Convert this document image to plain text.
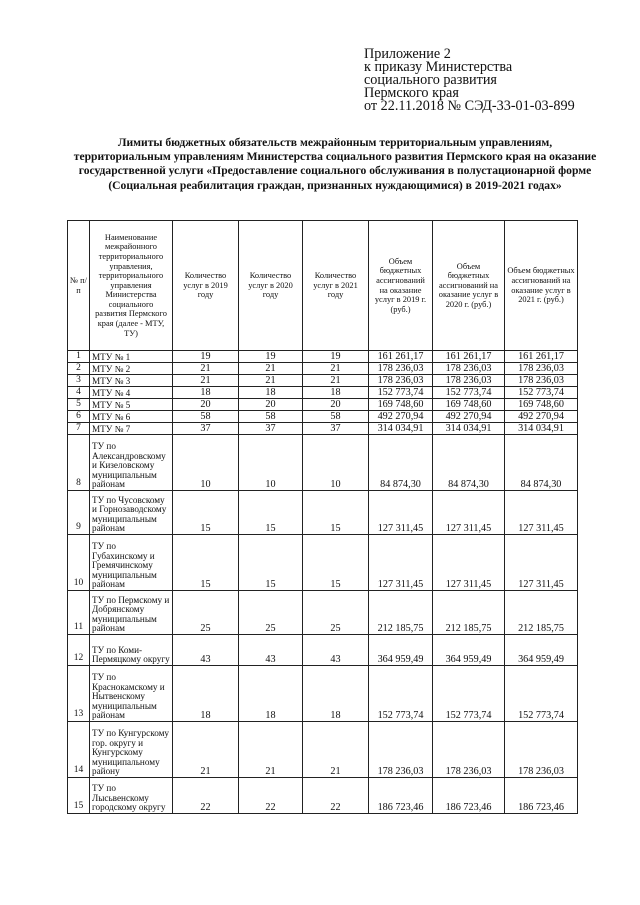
Приложение 2
к приказу Министерства
социального развития
Пермского края
от 22.11.2018 № СЭД-33-01-03-899
Лимиты бюджетных обязательств межрайонным территориальным управлениям, территориальным управлениям Министерства социального развития Пермского края на оказание государственной услуги «Предоставление социального обслуживания в полустационарной форме (Социальная реабилитация граждан, признанных нуждающимися) в 2019-2021 годах»
№ п/п	Наименование межрайонного территориального управления, территориального управления Министерства социального развития Пермского края (далее - МТУ, ТУ)	Количество услуг в 2019 году	Количество услуг в 2020 году	Количество услуг в 2021 году	Объем бюджетных ассигнований на оказание услуг в 2019 г. (руб.)	Объем бюджетных ассигнований на оказание услуг в 2020 г. (руб.)	Объем бюджетных ассигнований на оказание услуг в 2021 г. (руб.)
1	МТУ № 1	19	19	19	161 261,17	161 261,17	161 261,17
2	МТУ № 2	21	21	21	178 236,03	178 236,03	178 236,03
3	МТУ № 3	21	21	21	178 236,03	178 236,03	178 236,03
4	МТУ № 4	18	18	18	152 773,74	152 773,74	152 773,74
5	МТУ № 5	20	20	20	169 748,60	169 748,60	169 748,60
6	МТУ № 6	58	58	58	492 270,94	492 270,94	492 270,94
7	МТУ № 7	37	37	37	314 034,91	314 034,91	314 034,91
8	ТУ по Александровскому и Кизеловскому муниципальным районам	10	10	10	84 874,30	84 874,30	84 874,30
9	ТУ по Чусовскому и Горнозаводскому муниципальным районам	15	15	15	127 311,45	127 311,45	127 311,45
10	ТУ по Губахинскому и Гремячинскому муниципальным районам	15	15	15	127 311,45	127 311,45	127 311,45
11	ТУ по Пермскому и Добрянскому муниципальным районам	25	25	25	212 185,75	212 185,75	212 185,75
12	ТУ по Коми-Пермяцкому округу	43	43	43	364 959,49	364 959,49	364 959,49
13	ТУ по Краснокамскому и Нытвенскому муниципальным районам	18	18	18	152 773,74	152 773,74	152 773,74
14	ТУ по Кунгурскому гор. округу и Кунгурскому муниципальному району	21	21	21	178 236,03	178 236,03	178 236,03
15	ТУ по Лысьвенскому городскому округу	22	22	22	186 723,46	186 723,46	186 723,46
